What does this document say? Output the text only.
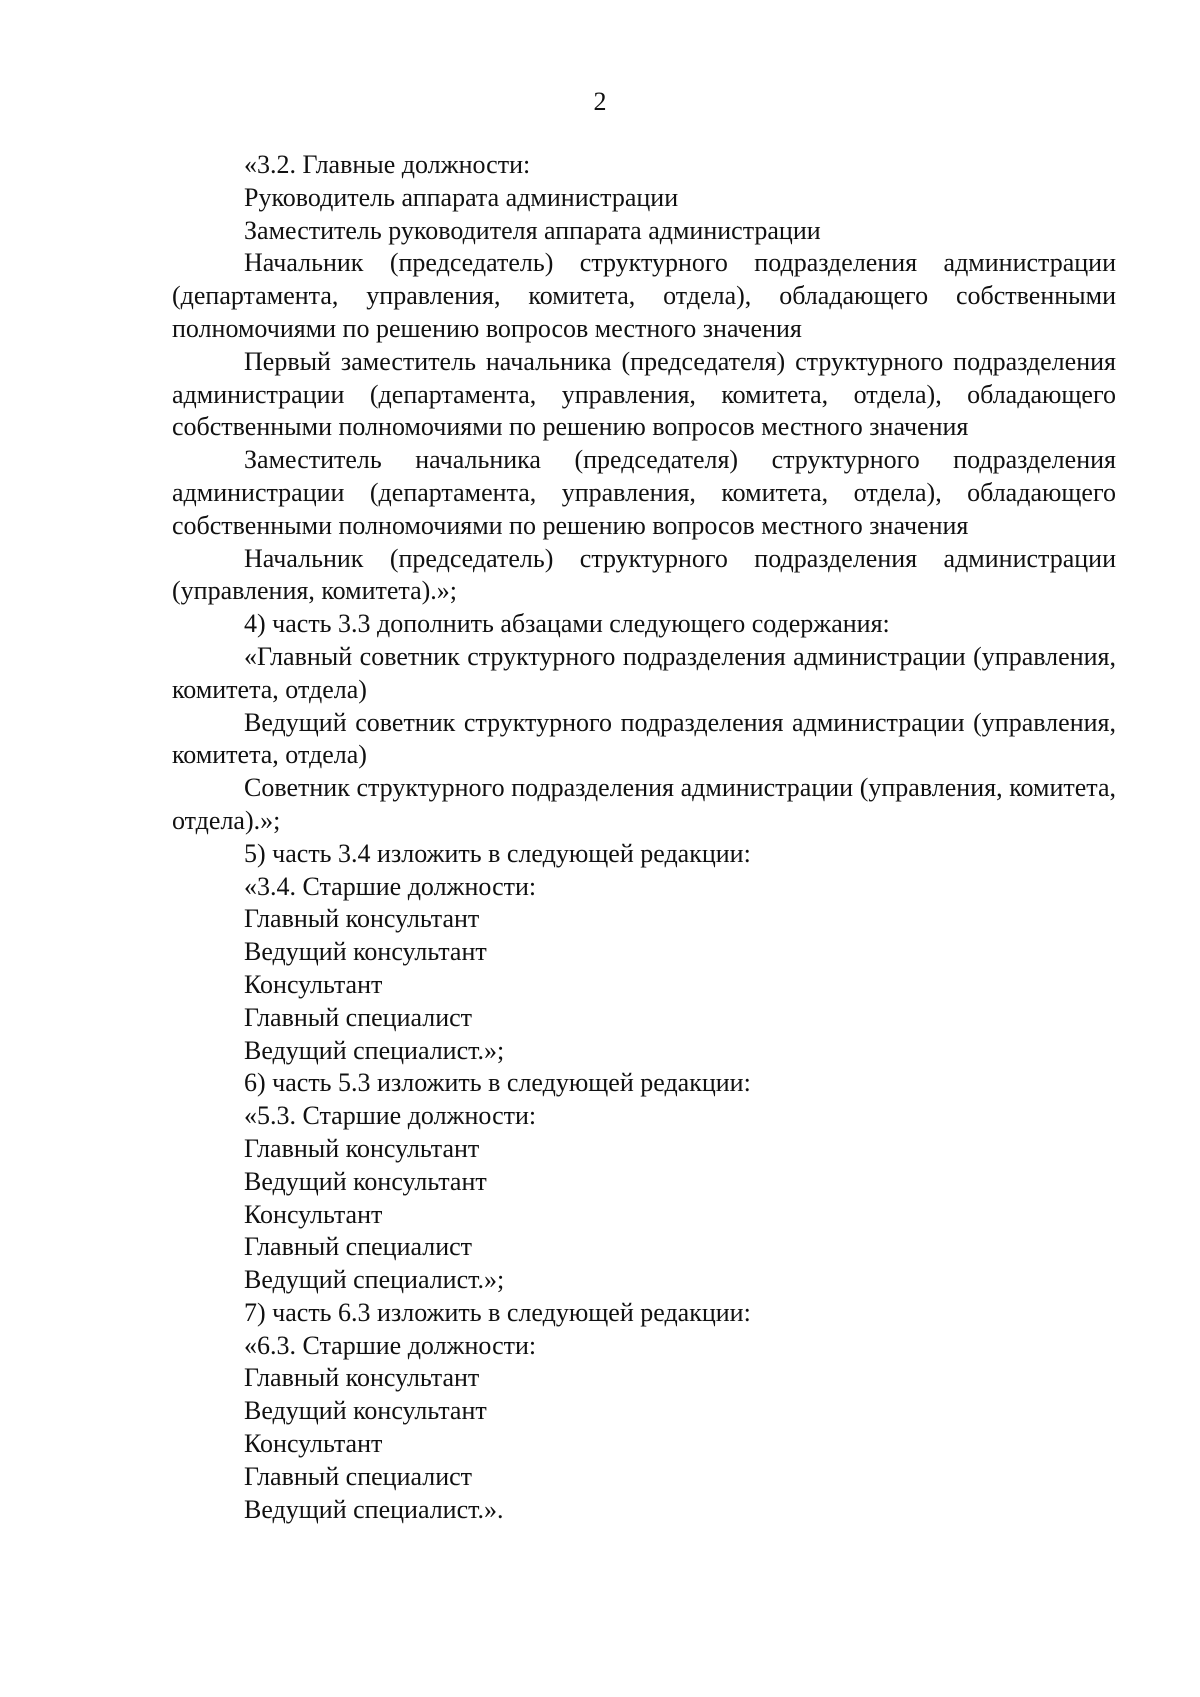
2

«3.2. Главные должности:

Руководитель аппарата администрации

Заместитель руководителя аппарата администрации

Начальник (председатель) структурного подразделения администрации (департамента, управления, комитета, отдела), обладающего собственными полномочиями по решению вопросов местного значения

Первый заместитель начальника (председателя) структурного подразделения администрации (департамента, управления, комитета, отдела), обладающего собственными полномочиями по решению вопросов местного значения

Заместитель начальника (председателя) структурного подразделения администрации (департамента, управления, комитета, отдела), обладающего собственными полномочиями по решению вопросов местного значения

Начальник (председатель) структурного подразделения администрации (управления, комитета).»;

4) часть 3.3 дополнить абзацами следующего содержания:

«Главный советник структурного подразделения администрации (управления, комитета, отдела)

Ведущий советник структурного подразделения администрации (управления, комитета, отдела)

Советник структурного подразделения администрации (управления, комитета, отдела).»;

5) часть 3.4 изложить в следующей редакции:

«3.4. Старшие должности:

Главный консультант

Ведущий консультант

Консультант

Главный специалист

Ведущий специалист.»;

6) часть 5.3 изложить в следующей редакции:

«5.3. Старшие должности:

Главный консультант

Ведущий консультант

Консультант

Главный специалист

Ведущий специалист.»;

7) часть 6.3 изложить в следующей редакции:

«6.3. Старшие должности:

Главный консультант

Ведущий консультант

Консультант

Главный специалист

Ведущий специалист.».
